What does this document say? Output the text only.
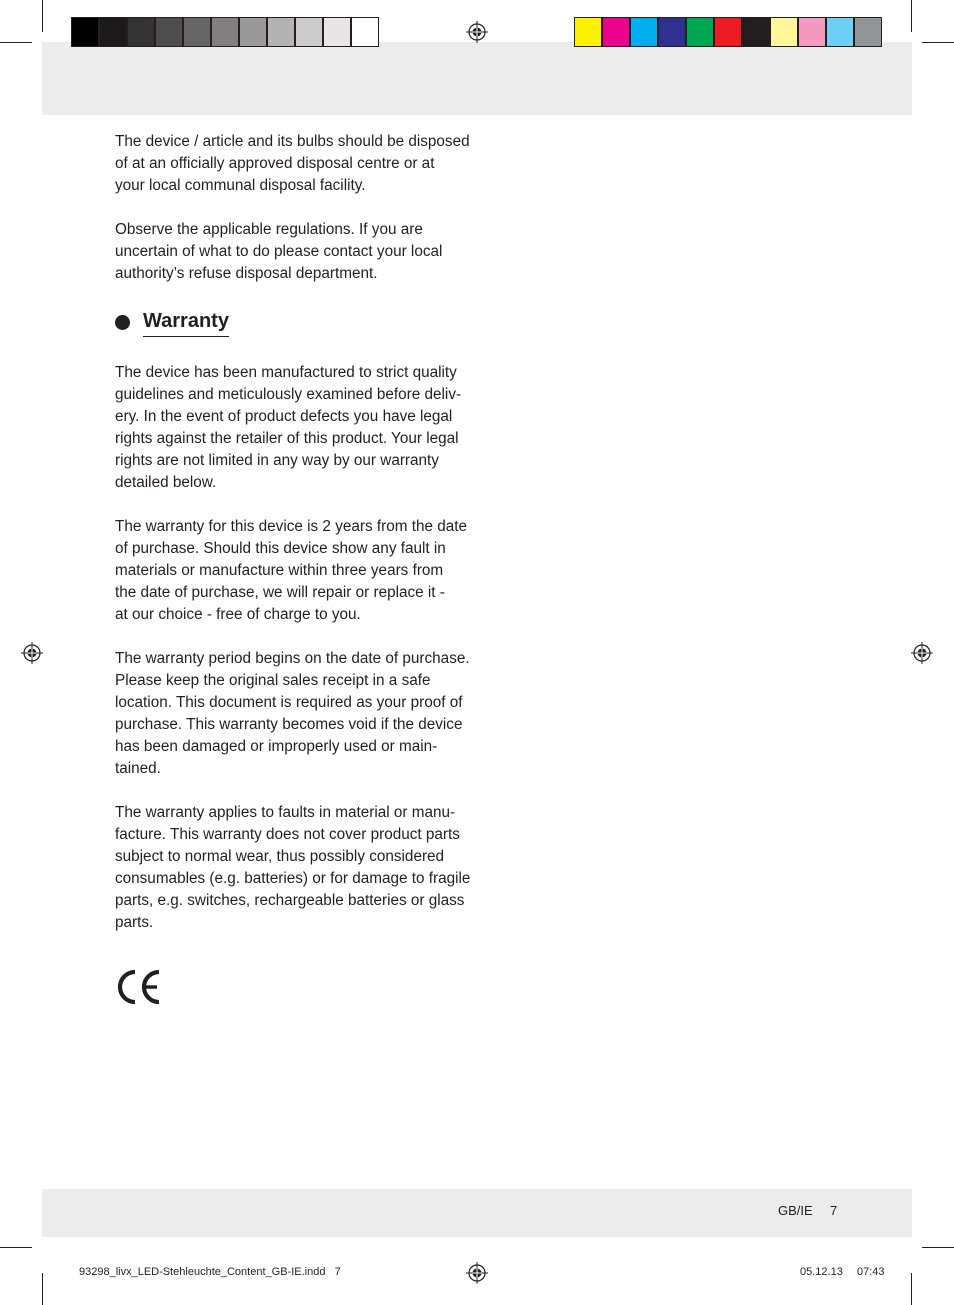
The device / article and its bulbs should be disposed
of at an officially approved disposal centre or at
your local communal disposal facility.

Observe the applicable regulations. If you are
uncertain of what to do please contact your local
authority’s refuse disposal department.

Warranty

The device has been manufactured to strict quality
guidelines and meticulously examined before deliv-
ery. In the event of product defects you have legal
rights against the retailer of this product. Your legal
rights are not limited in any way by our warranty
detailed below.

The warranty for this device is 2 years from the date
of purchase. Should this device show any fault in
materials or manufacture within three years from
the date of purchase, we will repair or replace it -
at our choice - free of charge to you.

The warranty period begins on the date of purchase.
Please keep the original sales receipt in a safe
location. This document is required as your proof of
purchase. This warranty becomes void if the device
has been damaged or improperly used or main-
tained.

The warranty applies to faults in material or manu-
facture. This warranty does not cover product parts
subject to normal wear, thus possibly considered
consumables (e.g. batteries) or for damage to fragile
parts, e.g. switches, rechargeable batteries or glass
parts.

GB/IE 7
93298_livx_LED-Stehleuchte_Content_GB-IE.indd   7	05.12.13 07:43
